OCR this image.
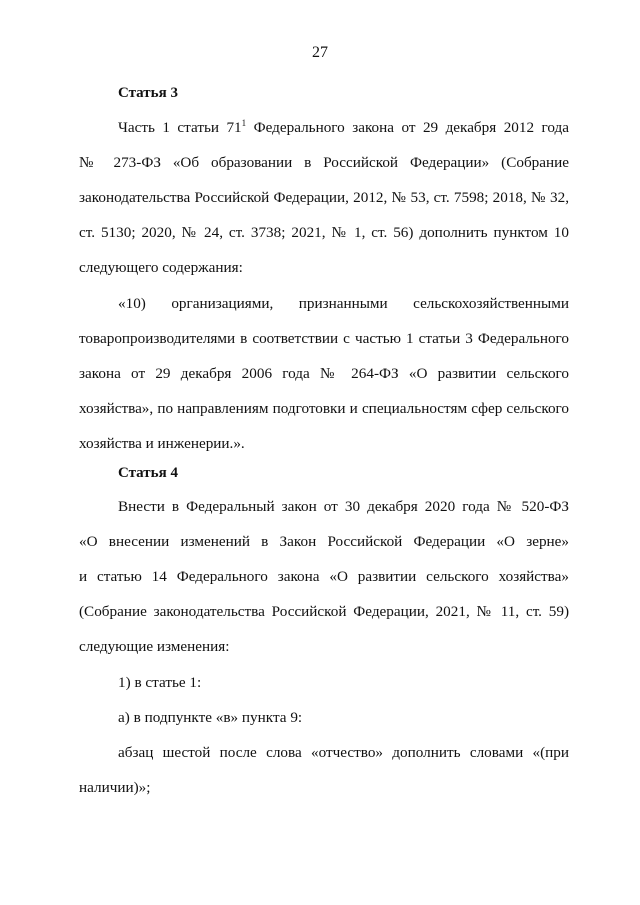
27
Статья 3
Часть 1 статьи $71^1$ Федерального закона от 29 декабря 2012 года
№ 273-ФЗ «Об образовании в Российской Федерации» (Собрание
законодательства Российской Федерации, 2012, № 53, ст. 7598; 2018, № 32,
ст. 5130; 2020, № 24, ст. 3738; 2021, № 1, ст. 56) дополнить пунктом 10
следующего содержания:
«10) организациями, признанными сельскохозяйственными
товаропроизводителями в соответствии с частью 1 статьи 3 Федерального
закона от 29 декабря 2006 года № 264-ФЗ «О развитии сельского
хозяйства», по направлениям подготовки и специальностям сфер сельского
хозяйства и инженерии.».
Статья 4
Внести в Федеральный закон от 30 декабря 2020 года № 520-ФЗ
«О внесении изменений в Закон Российской Федерации «О зерне»
и статью 14 Федерального закона «О развитии сельского хозяйства»
(Собрание законодательства Российской Федерации, 2021, № 11, ст. 59)
следующие изменения:
1) в статье 1:
а) в подпункте «в» пункта 9:
абзац шестой после слова «отчество» дополнить словами «(при
наличии)»;
